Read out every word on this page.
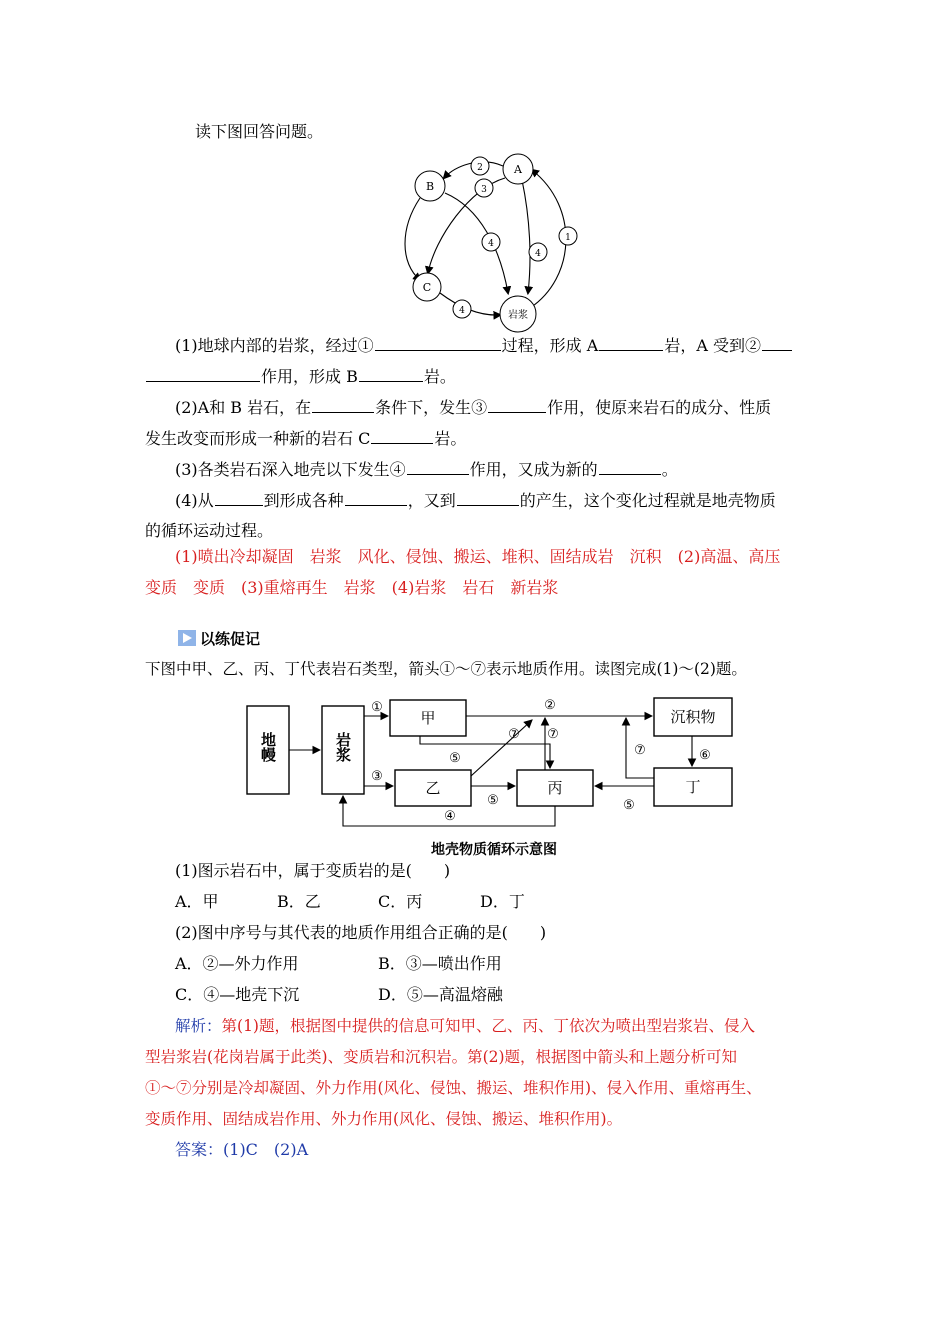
读下图回答问题。
B
A
C
岩浆
2
3
4
4
1
4
(1)地球内部的岩浆，经过①	过程，形成 A	岩，A 受到②
作用，形成 B	岩。
(2)A和 B 岩石，在	条件下，发生③	作用，使原来岩石的成分、性质
发生改变而形成一种新的岩石 C	岩。
(3)各类岩石深入地壳以下发生④	作用，又成为新的	。
(4)从	到形成各种	，又到	的产生，这个变化过程就是地壳物质
的循环运动过程。
(1)喷出冷却凝固　岩浆　风化、侵蚀、搬运、堆积、固结成岩　沉积　(2)高温、高压
变质　变质　(3)重熔再生　岩浆　(4)岩浆　岩石　新岩浆
以练促记
下图中甲、乙、丙、丁代表岩石类型，箭头①～⑦表示地质作用。读图完成(1)～(2)题。
地幔	岩浆
甲
乙	丙
沉积物
丁
①	②
③
④
⑤
⑤	⑤
⑥
⑦ ⑦
⑦
地壳物质循环示意图
(1)图示岩石中，属于变质岩的是(　　)
A．甲	B．乙	C．丙	D．丁
(2)图中序号与其代表的地质作用组合正确的是(　　)
A．②—外力作用	B．③—喷出作用
C．④—地壳下沉	D．⑤—高温熔融
解析：第(1)题，根据图中提供的信息可知甲、乙、丙、丁依次为喷出型岩浆岩、侵入
型岩浆岩(花岗岩属于此类)、变质岩和沉积岩。第(2)题，根据图中箭头和上题分析可知
①～⑦分别是冷却凝固、外力作用(风化、侵蚀、搬运、堆积作用)、侵入作用、重熔再生、
变质作用、固结成岩作用、外力作用(风化、侵蚀、搬运、堆积作用)。
答案：(1)C　(2)A
